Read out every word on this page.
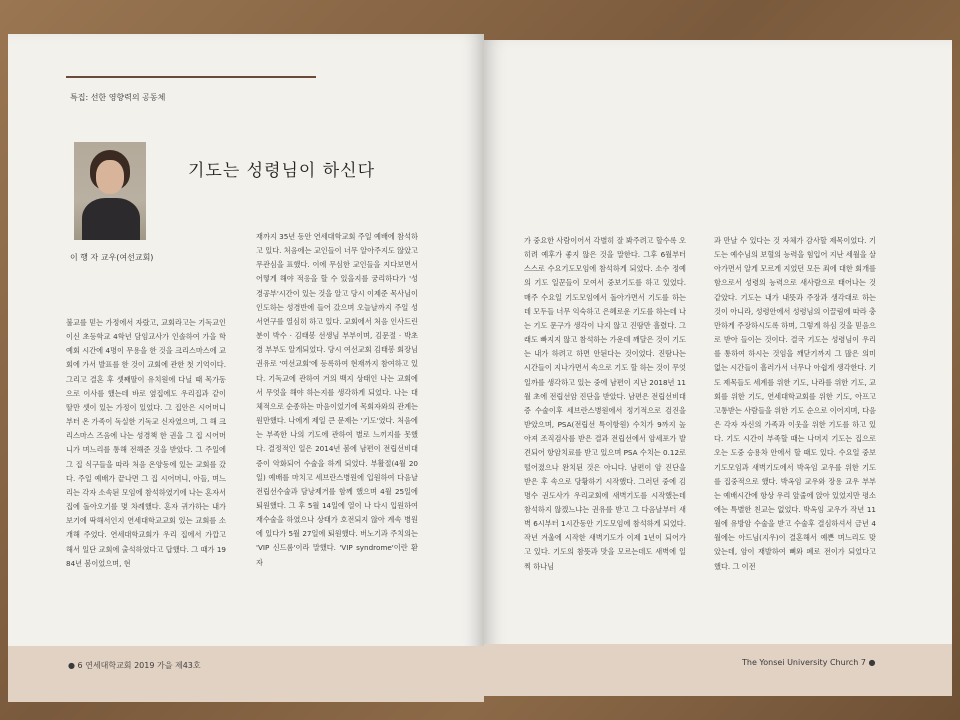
특집: 선한 영향력의 공동체
이 행 자 교우(여선교회)
기도는 성령님이 하신다
불교를 믿는 가정에서 자랐고, 교회라고는 기독교인이신 초등학교 4학년 담임교사가 인솔하여 가을 학예회 시간에 4명이 무용을 한 것을 크리스마스에 교회에 가서 발표를 한 것이 교회에 관한 첫 기억이다. 그리고 결혼 후 셋째딸이 유치원에 다닐 때 목가동으로 이사를 했는데 바로 옆집에도 우리집과 같이 딸만 셋이 있는 가정이 있었다. 그 집안은 시어머니부터 온 가족이 독실한 기독교 신자였으며, 그 해 크리스마스 즈음에 나는 성경책 한 권을 그 집 시어머니가 며느리를 통해 전해준 것을 받았다. 그 주일에 그 집 식구들을 따라 처음 온양동에 있는 교회를 갔다. 주일 예배가 끝나면 그 집 시어머니, 아들, 며느리는 각자 소속된 모임에 참석하였기에 나는 혼자서 집에 돌아오기를 몇 차례했다. 혼자 귀가하는 내가 보기에 딱해서인지 연세대학교교회 있는 교회를 소개해 주었다. 연세대학교회가 우리 집에서 가깝고 해서 일단 교회에 출석하였다고 답했다. 그 때가 1984년 봄이었으며, 현
재까지 35년 동안 연세대학교회 주일 예배에 참석하고 있다. 처음에는 교인들이 너무 알아주지도 않았고 무관심을 표했다. 이에 무심한 교인들을 지다보면서 어떻게 해야 적응을 할 수 있을지를 궁리하다가 '성경공부'시간이 있는 것을 알고 당시 이제준 목사님이 인도하는 성경반에 들어 갔으며 오늘날까지 주일 성서연구를 열심히 하고 있다. 교회에서 처음 인사드린 분이 박수 · 김태봉 선생님 부부이며, 김문절 · 박초경 부부도 알게되었다. 당시 여선교회 김태봉 회장님 권유로 '여선교회'에 등록하여 현재까지 참여하고 있다. 기독교에 관하여 거의 백지 상태인 나는 교회에서 무엇을 해야 하는지를 생각하게 되었다. 나는 대체적으로 순종하는 마음이었기에 목회자와의 관계는 원만했다. 나에게 제일 큰 문제는 '기도'였다. 처음에는 부족한 나의 기도에 관하여 별로 느끼지를 못했다. 결정적인 일은 2014년 봄에 남편이 전립선비대증이 악화되어 수술을 하게 되었다. 부활절(4월 20일) 예배를 마치고 세브란스병원에 입원하여 다음날 전립선수술과 담낭제거를 함께 했으며 4월 25일에 퇴원했다. 그 후 5월 14일에 열이 나 다시 입원하여 재수술을 하였으나 상태가 호전되지 않아 계속 병원에 있다가 5월 27일에 퇴원했다. 버노기과 주치의는 'VIP 신드롬'이라 말했다. 'VIP syndrome'이란 환자
● 6 연세대학교회 2019 가을 제43호
가 중요한 사람이어서 각별히 잘 봐주려고 할수록 오히려 예후가 좋지 않은 것을 말한다. 그후 6월부터 스스로 수요기도모임에 참석하게 되었다. 소수 정예의 기도 일꾼들이 모여서 중보기도를 하고 있었다. 매주 수요일 기도모임에서 돌아가면서 기도를 하는데 모두들 너무 익숙하고 은혜로운 기도를 하는데 나는 기도 문구가 생각이 나지 않고 진땀만 흘렸다. 그래도 빠지지 않고 참석하는 가운데 깨달은 것이 기도는 내가 하려고 하면 안된다는 것이었다. 진땀나는 시간들이 지나가면서 속으로 기도 할 하는 것이 무엇일까를 생각하고 있는 중에 남편이 지난 2018년 11월 초에 전립선암 진단을 받았다. 남편은 전립선비대증 수술이후 세브란스병원에서 정기적으로 검진을 받았으며, PSA(전립선 특이항원) 수치가 9까지 높아져 조직검사를 받은 결과 전립선에서 암세포가 발견되어 항암치료를 받고 있으며 PSA 수치는 0.12로 떨어졌으나 완치된 것은 아니다. 남편이 암 진단을 받은 후 속으로 당황하기 시작했다. 그러던 중에 김명수 권도사가 우리교회에 새벽기도를 시작했는데 참석하지 않겠느냐는 권유를 받고 그 다음날부터 새벽 6시부터 1시간동안 기도모임에 참석하게 되었다. 작년 겨울에 시작한 새벽기도가 이제 1년이 되어가고 있다. 기도의 참뜻과 맛을 모르는데도 새벽에 일찍 하나님
과 만날 수 있다는 것 자체가 감사할 제목이었다. 기도는 예수님의 보혈의 능력을 힘입어 지난 세월을 살아가면서 알게 모르게 지었던 모든 죄에 대한 회개를 함으로서 성령의 능력으로 새사람으로 태어나는 것 같았다. 기도는 내가 내뜻과 주장과 생각대로 하는 것이 아니라, 성령안에서 성령님의 이끌림에 따라 충만하게 주장하시도록 하며, 그렇게 하심 것을 믿음으로 받아 들이는 것이다. 결국 기도는 성령님이 우리를 통하여 하시는 것임을 깨닫기까지 그 많은 의미 없는 시간들이 흘러가서 너무나 아쉽게 생각한다. 기도 제목들도 세계를 위한 기도, 나라를 위한 기도, 교회를 위한 기도, 연세대학교회를 위한 기도, 아프고 고통받는 사람들을 위한 기도 순으로 이어지며, 다음은 각자 자신의 가족과 이웃을 위한 기도를 하고 있다. 기도 시간이 부족할 때는 나머지 기도는 집으로 오는 도중 승용차 안에서 할 때도 있다. 수요일 중보기도모임과 새벽기도에서 박옥임 교우를 위한 기도를 집중적으로 했다. 박옥임 교우와 장용 교우 부부는 예배시간에 항상 우리 앞줄에 앉아 있었지만 평소에는 특별한 친교는 없었다. 박옥임 교우가 작년 11월에 유방암 수술을 받고 수술후 결심하셔서 금년 4월에는 아드님(지우)이 결혼해서 예쁜 며느리도 맞았는데, 암이 재발하여 뼈와 폐로 전이가 되었다고 했다. 그 이전
The Yonsei University Church 7 ●
